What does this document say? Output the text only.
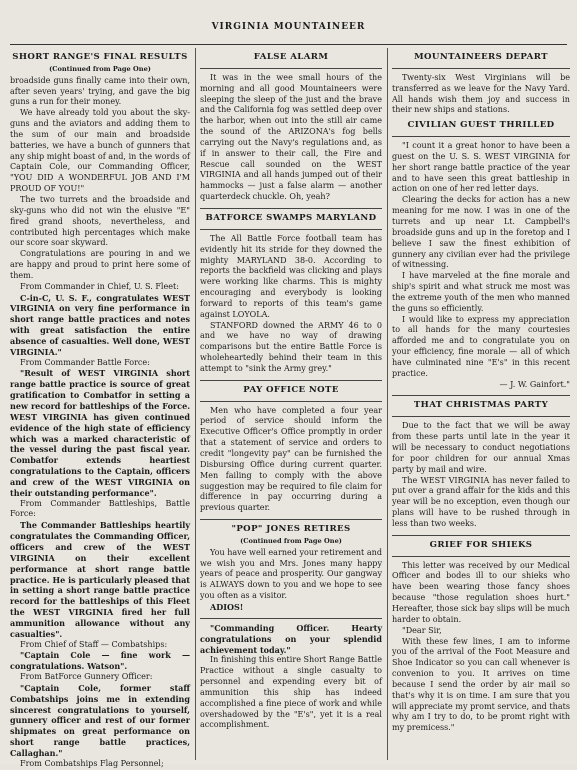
VIRGINIA MOUNTAINEER
SHORT RANGE'S FINAL RESULTS
(Continued from Page One)

broadside guns finally came into their own, after seven years' trying, and gave the big guns a run for their money.

We have already told you about the sky-guns and the aviators and adding them to the sum of our main and broadside batteries, we have a bunch of gunners that any ship might boast of and, in the words of Captain Cole, our Commanding Officer, "YOU DID A WONDERFUL JOB AND I'M PROUD OF YOU!"

The two turrets and the broadside and sky-guns who did not win the elusive "E" fired grand shoots, nevertheless, and contributed high percentages which make our score soar skyward.

Congratulations are pouring in and we are happy and proud to print here some of them.

From Commander in Chief, U. S. Fleet:

C-in-C, U. S. F., congratulates WEST VIRGINIA on very fine performance in short range battle practices and notes with great satisfaction the entire absence of casualties. Well done, WEST VIRGINIA."

From Commander Battle Force:

"Result of WEST VIRGINIA short range battle practice is source of great gratification to Combatfor in setting a new record for battleships of the Force. WEST VIRGINIA has given continued evidence of the high state of efficiency which was a marked characteristic of the vessel during the past fiscal year. Combatfor extends heartiest congratulations to the Captain, officers and crew of the WEST VIRGINIA on their outstanding performance".

From Commander Battleships, Battle Force:

The Commander Battleships heartily congratulates the Commanding Officer, officers and crew of the WEST VIRGINIA on their excellent performance at short range battle practice. He is particularly pleased that in setting a short range battle practice record for the battleships of this Fleet the WEST VIRGINIA fired her full ammunition allowance without any casualties".

From Chief of Staff — Combatships:

"Captain Cole — fine work — congratulations. Watson".

From BatForce Gunnery Officer:

"Captain Cole, former staff Combatships joins me in extending sincerest congratulations to yourself, gunnery officer and rest of our former shipmates on great performance on short range battle practices, Callaghan."

From Combatships Flag Personnel;

FALSE ALARM

It was in the wee small hours of the morning and all good Mountaineers were sleeping the sleep of the just and the brave and the California fog was settled deep over the harbor, when out into the still air came the sound of the ARIZONA's fog bells carrying out the Navy's regulations and, as if in answer to their call, the Fire and Rescue call sounded on the WEST VIRGINIA and all hands jumped out of their hammocks — just a false alarm — another quarterdeck chuckle. Oh, yeah?

BATFORCE SWAMPS MARYLAND

The All Battle Force football team has evidently hit its stride for they downed the mighty MARYLAND 38-0. According to reports the backfield was clicking and plays were working like charms. This is mighty encouraging and everybody is looking forward to reports of this team's game against LOYOLA.

STANFORD downed the ARMY 46 to 0 and we have no way of drawing comparisons but the entire Battle Force is wholeheartedly behind their team in this attempt to "sink the Army grey."

PAY OFFICE NOTE

Men who have completed a four year period of service should inform the Executive Officer's Office promptly in order that a statement of service and orders to credit "longevity pay" can be furnished the Disbursing Office during current quarter. Men failing to comply with the above suggestion may be required to file claim for difference in pay occurring during a previous quarter.

"POP" JONES RETIRES
(Continued from Page One)

You have well earned your retirement and we wish you and Mrs. Jones many happy years of peace and prosperity. Our gangway is ALWAYS down to you and we hope to see you often as a visitor.

ADIOS!

"Commanding Officer. Hearty congratulations on your splendid achievement today."

In finishing this entire Short Range Battle Practice without a single casualty to personnel and expending every bit of ammunition this ship has indeed accomplished a fine piece of work and while overshadowed by the "E's", yet it is a real accomplishment.

MOUNTAINEERS DEPART

Twenty-six West Virginians will be transferred as we leave for the Navy Yard. All hands wish them joy and success in their new ships and stations.

CIVILIAN GUEST THRILLED

"I count it a great honor to have been a guest on the U. S. S. WEST VIRGINIA for her short range battle practice of the year and to have seen this great battleship in action on one of her red letter days.

Clearing the decks for action has a new meaning for me now. I was in one of the turrets and up near Lt. Campbell's broadside guns and up in the foretop and I believe I saw the finest exhibition of gunnery any civilian ever had the privilege of witnessing.

I have marveled at the fine morale and ship's spirit and what struck me most was the extreme youth of the men who manned the guns so efficiently.

I would like to express my appreciation to all hands for the many courtesies afforded me and to congratulate you on your efficiency, fine morale — all of which have culminated nine "E's" in this recent practice.

— J. W. Gainfort."

THAT CHRISTMAS PARTY

Due to the fact that we will be away from these parts until late in the year it will be necessary to conduct negotiations for poor children for our annual Xmas party by mail and wire.

The WEST VIRGINIA has never failed to put over a grand affair for the kids and this year will be no exception, even though our plans will have to be rushed through in less than two weeks.

GRIEF FOR SHIEKS

This letter was received by our Medical Officer and bodes ill to our shieks who have been wearing those fancy shoes because "those regulation shoes hurt." Hereafter, those sick bay slips will be much harder to obtain.

"Dear Sir,

With these few lines, I am to informe you of the arrival of the Foot Measure and Shoe Indicator so you can call whenever is convenion to you. It arrives on time because I send the order by air mail so that's why it is on time. I am sure that you will appreciate my promt service, and thats why am I try to do, to be promt right with my premicess."
